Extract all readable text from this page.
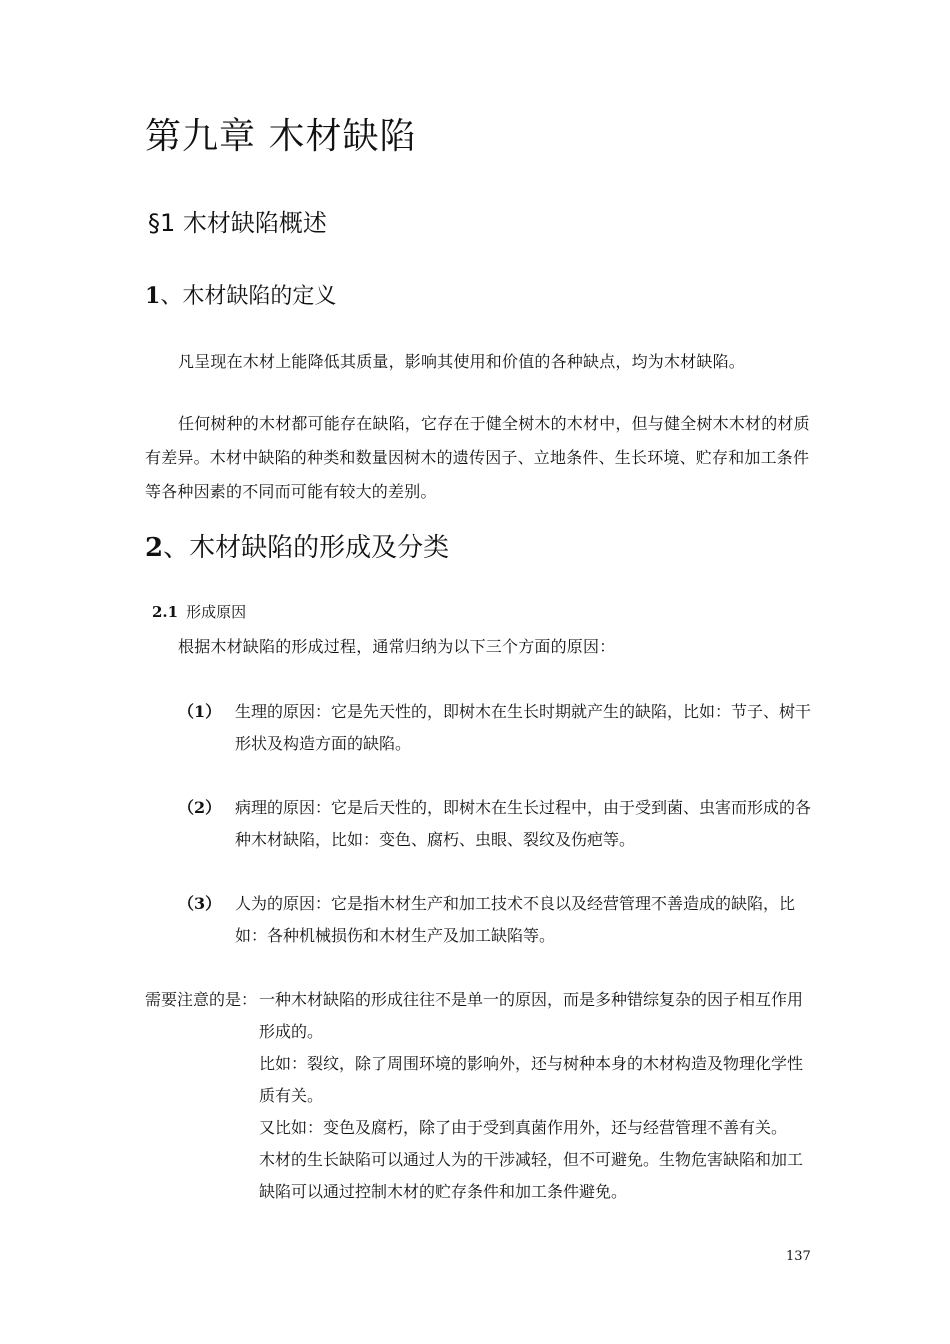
第九章 木材缺陷
§1 木材缺陷概述
1、木材缺陷的定义
凡呈现在木材上能降低其质量，影响其使用和价值的各种缺点，均为木材缺陷。
任何树种的木材都可能存在缺陷，它存在于健全树木的木材中，但与健全树木木材的材质有差异。木材中缺陷的种类和数量因树木的遗传因子、立地条件、生长环境、贮存和加工条件等各种因素的不同而可能有较大的差别。
2、木材缺陷的形成及分类
2.1 形成原因
根据木材缺陷的形成过程，通常归纳为以下三个方面的原因：
（1） 生理的原因：它是先天性的，即树木在生长时期就产生的缺陷，比如：节子、树干形状及构造方面的缺陷。
（2） 病理的原因：它是后天性的，即树木在生长过程中，由于受到菌、虫害而形成的各种木材缺陷，比如：变色、腐朽、虫眼、裂纹及伤疤等。
（3） 人为的原因：它是指木材生产和加工技术不良以及经营管理不善造成的缺陷，比如：各种机械损伤和木材生产及加工缺陷等。
需要注意的是： 一种木材缺陷的形成往往不是单一的原因，而是多种错综复杂的因子相互作用形成的。
比如：裂纹，除了周围环境的影响外，还与树种本身的木材构造及物理化学性质有关。
又比如：变色及腐朽，除了由于受到真菌作用外，还与经营管理不善有关。
木材的生长缺陷可以通过人为的干涉减轻，但不可避免。生物危害缺陷和加工缺陷可以通过控制木材的贮存条件和加工条件避免。
137
